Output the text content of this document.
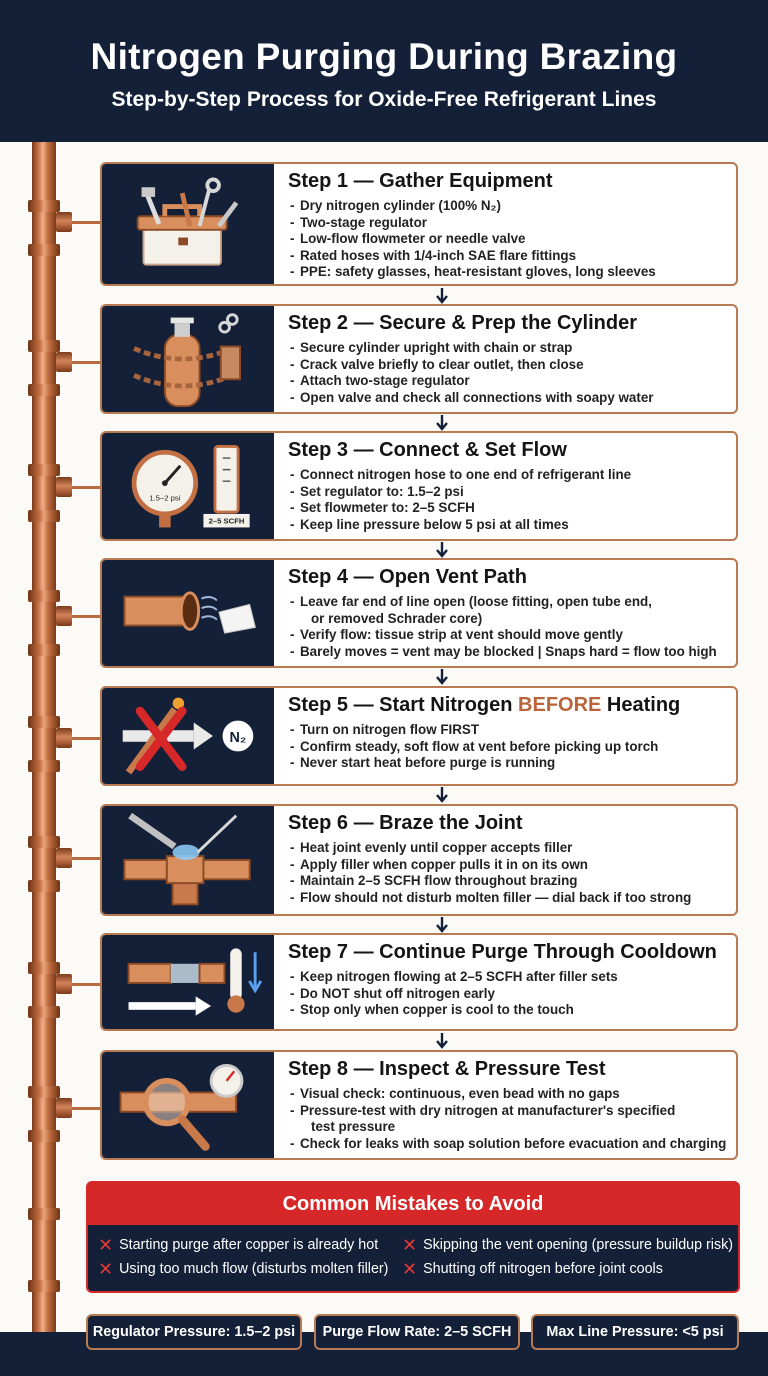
Nitrogen Purging During Brazing
Step-by-Step Process for Oxide-Free Refrigerant Lines
Step 1 — Gather Equipment
- Dry nitrogen cylinder (100% N₂)
- Two-stage regulator
- Low-flow flowmeter or needle valve
- Rated hoses with 1/4-inch SAE flare fittings
- PPE: safety glasses, heat-resistant gloves, long sleeves
Step 2 — Secure & Prep the Cylinder
- Secure cylinder upright with chain or strap
- Crack valve briefly to clear outlet, then close
- Attach two-stage regulator
- Open valve and check all connections with soapy water
1.5–2 psi
2–5 SCFH
Step 3 — Connect & Set Flow
- Connect nitrogen hose to one end of refrigerant line
- Set regulator to: 1.5–2 psi
- Set flowmeter to: 2–5 SCFH
- Keep line pressure below 5 psi at all times
Step 4 — Open Vent Path
- Leave far end of line open (loose fitting, open tube end,
or removed Schrader core)
- Verify flow: tissue strip at vent should move gently
- Barely moves = vent may be blocked | Snaps hard = flow too high
N₂
Step 5 — Start Nitrogen BEFORE Heating
- Turn on nitrogen flow FIRST
- Confirm steady, soft flow at vent before picking up torch
- Never start heat before purge is running
Step 6 — Braze the Joint
- Heat joint evenly until copper accepts filler
- Apply filler when copper pulls it in on its own
- Maintain 2–5 SCFH flow throughout brazing
- Flow should not disturb molten filler — dial back if too strong
Step 7 — Continue Purge Through Cooldown
- Keep nitrogen flowing at 2–5 SCFH after filler sets
- Do NOT shut off nitrogen early
- Stop only when copper is cool to the touch
Step 8 — Inspect & Pressure Test
- Visual check: continuous, even bead with no gaps
- Pressure-test with dry nitrogen at manufacturer's specified
test pressure
- Check for leaks with soap solution before evacuation and charging
Common Mistakes to Avoid
✕ Starting purge after copper is already hot ✕ Skipping the vent opening (pressure buildup risk)
✕ Using too much flow (disturbs molten filler) ✕ Shutting off nitrogen before joint cools
Regulator Pressure: 1.5–2 psi	Purge Flow Rate: 2–5 SCFH	Max Line Pressure: <5 psi
